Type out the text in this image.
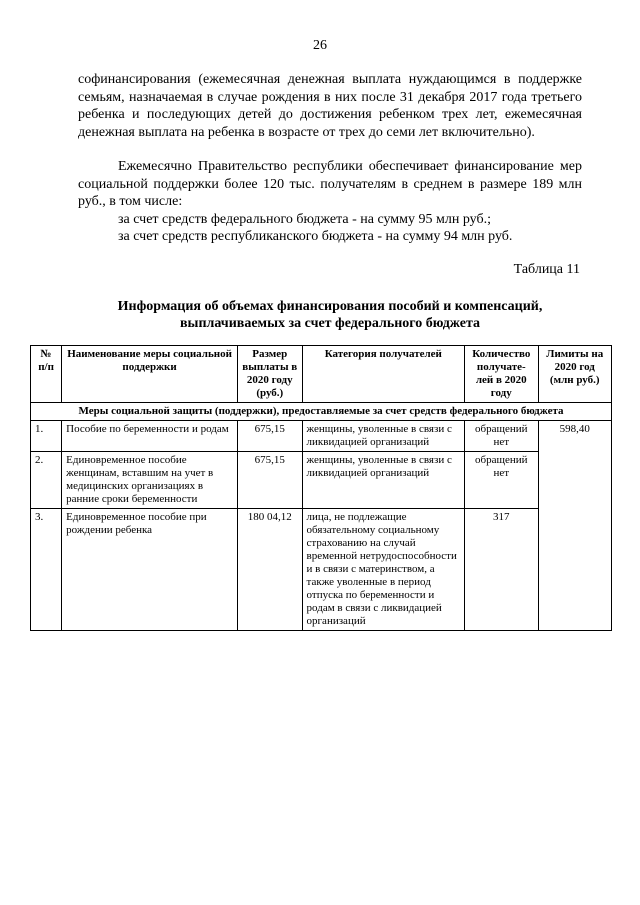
26

софинансирования (ежемесячная денежная выплата нуждающимся в поддержке семьям, назначаемая в случае рождения в них после 31 декабря 2017 года третьего ребенка и последующих детей до достижения ребенком трех лет, ежемесячная денежная выплата на ребенка в возрасте от трех до семи лет включительно).

Ежемесячно Правительство республики обеспечивает финансирование мер социальной поддержки более 120 тыс. получателям в среднем в размере 189 млн руб., в том числе:

за счет средств федерального бюджета - на сумму 95 млн руб.;

за счет средств республиканского бюджета - на сумму 94 млн руб.

Таблица 11

Информация об объемах финансирования пособий и компенсаций, выплачиваемых за счет федерального бюджета

№ п/п	Наименование меры социальной поддержки	Размер выплаты в 2020 году (руб.)	Категория получателей	Количество получате-лей в 2020 году	Лимиты на 2020 год (млн руб.)
Меры социальной защиты (поддержки), предоставляемые за счет средств федерального бюджета					
1.	Пособие по беременности и родам	675,15	женщины, уволенные в связи с ликвидацией организаций	обращений нет	598,40
2.	Единовременное пособие женщинам, вставшим на учет в медицинских организациях в ранние сроки беременности	675,15	женщины, уволенные в связи с ликвидацией организаций	обращений нет	
3.	Единовременное пособие при рождении ребенка	180 04,12	лица, не подлежащие обязательному социальному страхованию на случай временной нетрудоспособности и в связи с материнством, а также уволенные в период отпуска по беременности и родам в связи с ликвидацией организаций	317	
